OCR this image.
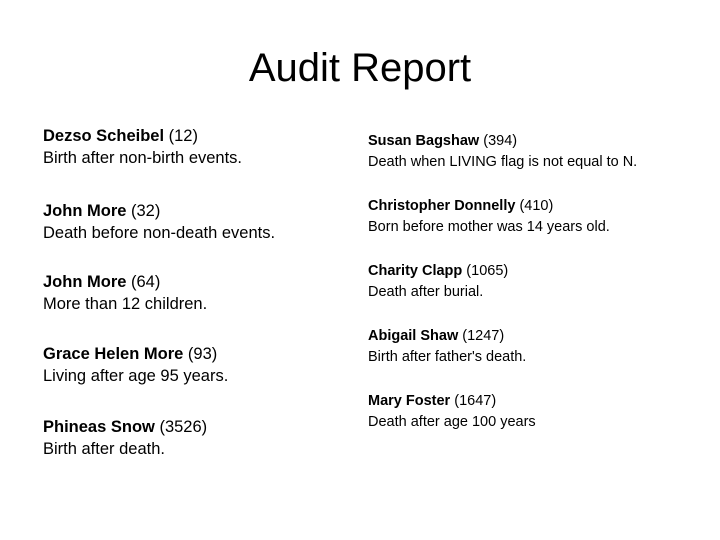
Audit Report
Dezso Scheibel (12)
Birth after non-birth events.
John More (32)
Death before non-death events.
John More (64)
More than 12 children.
Grace Helen More (93)
Living after age 95 years.
Phineas Snow (3526)
Birth after death.
Susan Bagshaw (394)
Death when LIVING flag is not equal to N.
Christopher Donnelly (410)
Born before mother was 14 years old.
Charity Clapp (1065)
Death after burial.
Abigail Shaw (1247)
Birth after father's death.
Mary Foster (1647)
Death after age 100 years
